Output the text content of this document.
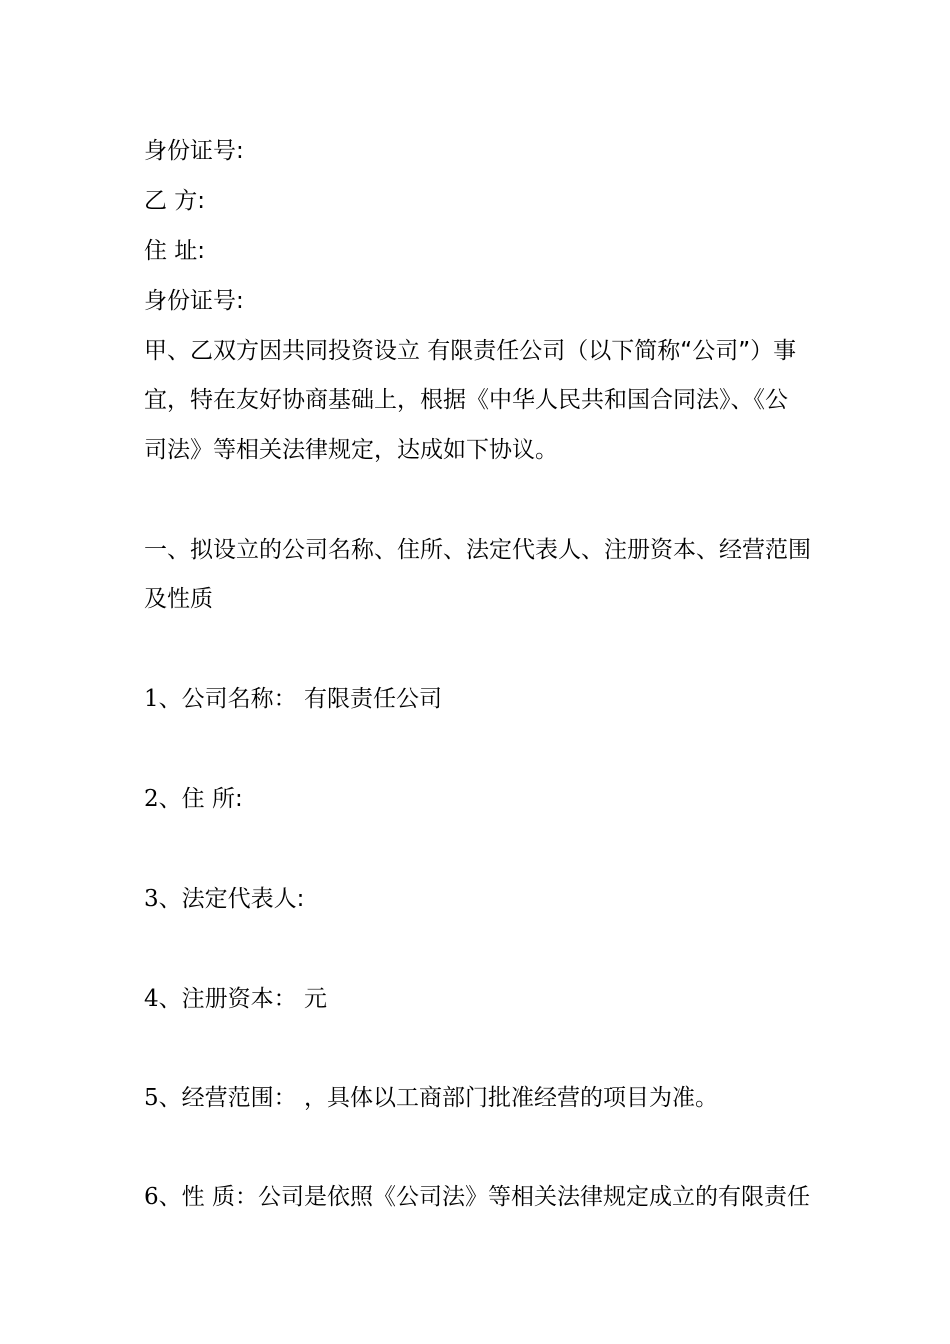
身份证号:
乙 方:
住 址:
身份证号:
甲、乙双方因共同投资设立 有限责任公司（以下简称“公司”）事
宜，特在友好协商基础上，根据《中华人民共和国合同法》、《公
司法》等相关法律规定，达成如下协议。
一、拟设立的公司名称、住所、法定代表人、注册资本、经营范围
及性质
1、公司名称： 有限责任公司
2、住 所:
3、法定代表人:
4、注册资本： 元
5、经营范围： ，具体以工商部门批准经营的项目为准。
6、性 质：公司是依照《公司法》等相关法律规定成立的有限责任
